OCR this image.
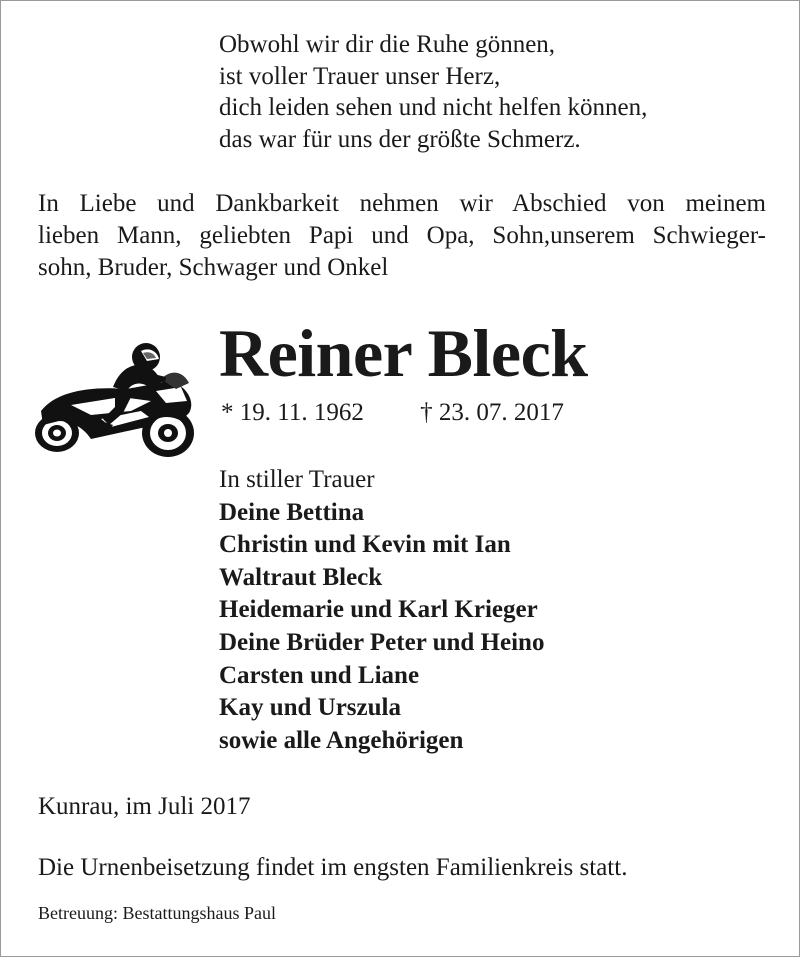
Obwohl wir dir die Ruhe gönnen,
ist voller Trauer unser Herz,
dich leiden sehen und nicht helfen können,
das war für uns der größte Schmerz.
In Liebe und Dankbarkeit nehmen wir Abschied von meinem
lieben Mann, geliebten Papi und Opa, Sohn,unserem Schwieger-
sohn, Bruder, Schwager und Onkel
Reiner Bleck
* 19. 11. 1962 † 23. 07. 2017
In stiller Trauer
Deine Bettina
Christin und Kevin mit Ian
Waltraut Bleck
Heidemarie und Karl Krieger
Deine Brüder Peter und Heino
Carsten und Liane
Kay und Urszula
sowie alle Angehörigen
Kunrau, im Juli 2017
Die Urnenbeisetzung findet im engsten Familienkreis statt.
Betreuung: Bestattungshaus Paul
